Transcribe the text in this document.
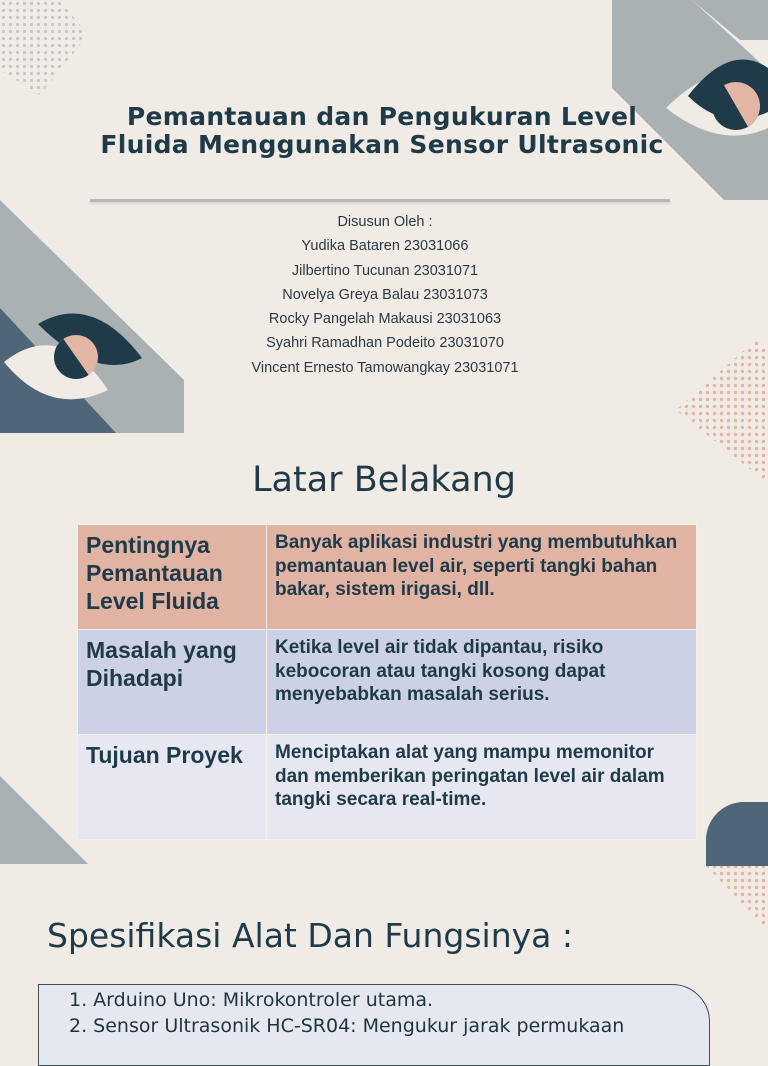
Pemantauan dan Pengukuran Level Fluida Menggunakan Sensor Ultrasonic
Disusun Oleh :
Yudika Bataren 23031066
Jilbertino Tucunan 23031071
Novelya Greya Balau 23031073
Rocky Pangelah Makausi 23031063
Syahri Ramadhan Podeito 23031070
Vincent Ernesto Tamowangkay 23031071
Latar Belakang
Pentingnya Pemantauan Level Fluida	Banyak aplikasi industri yang membutuhkan pemantauan level air, seperti tangki bahan bakar, sistem irigasi, dll.
Masalah yang Dihadapi	Ketika level air tidak dipantau, risiko kebocoran atau tangki kosong dapat menyebabkan masalah serius.
Tujuan Proyek	Menciptakan alat yang mampu memonitor dan memberikan peringatan level air dalam tangki secara real-time.
Spesifikasi Alat Dan Fungsinya :
1. Arduino Uno: Mikrokontroler utama.
2. Sensor Ultrasonik HC-SR04: Mengukur jarak permukaan
